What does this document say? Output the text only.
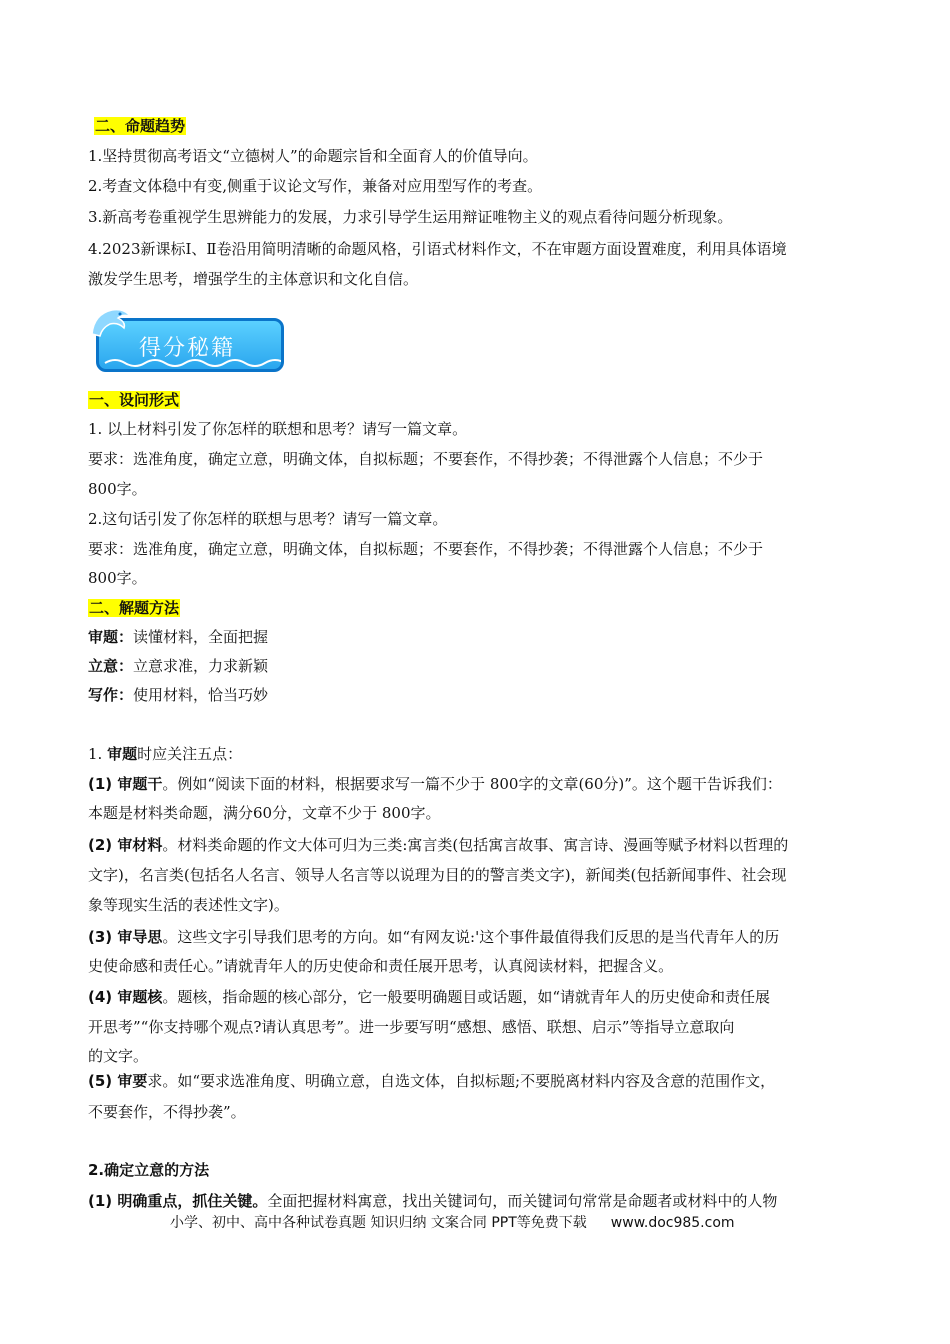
二、命题趋势
1.坚持贯彻高考语文“立德树人”的命题宗旨和全面育人的价值导向。
2.考查文体稳中有变,侧重于议论文写作，兼备对应用型写作的考查。
3.新高考卷重视学生思辨能力的发展，力求引导学生运用辩证唯物主义的观点看待问题分析现象。
4.2023新课标Ⅰ、Ⅱ卷沿用简明清晰的命题风格，引语式材料作文，不在审题方面设置难度，利用具体语境
激发学生思考，增强学生的主体意识和文化自信。
得分秘籍
一、设问形式
1. 以上材料引发了你怎样的联想和思考？请写一篇文章。
要求：选准角度，确定立意，明确文体，自拟标题；不要套作，不得抄袭；不得泄露个人信息；不少于
800字。
2.这句话引发了你怎样的联想与思考？请写一篇文章。
要求：选准角度，确定立意，明确文体，自拟标题；不要套作，不得抄袭；不得泄露个人信息；不少于
800字。
二、解题方法
审题：读懂材料，全面把握
立意：立意求准，力求新颖
写作：使用材料，恰当巧妙
1. 审题时应关注五点：
(1) 审题干。例如“阅读下面的材料，根据要求写一篇不少于 800字的文章(60分)”。这个题干告诉我们：
本题是材料类命题，满分60分，文章不少于 800字。
(2) 审材料。材料类命题的作文大体可归为三类:寓言类(包括寓言故事、寓言诗、漫画等赋予材料以哲理的
文字)，名言类(包括名人名言、领导人名言等以说理为目的的警言类文字)，新闻类(包括新闻事件、社会现
象等现实生活的表述性文字)。
(3) 审导思。这些文字引导我们思考的方向。如“有网友说:'这个事件最值得我们反思的是当代青年人的历
史使命感和责任心。”请就青年人的历史使命和责任展开思考，认真阅读材料，把握含义。
(4) 审题核。题核，指命题的核心部分，它一般要明确题目或话题，如“请就青年人的历史使命和责任展
开思考”“你支持哪个观点?请认真思考”。进一步要写明“感想、感悟、联想、启示”等指导立意取向
的文字。
(5) 审要求。如“要求选准角度、明确立意，自选文体，自拟标题;不要脱离材料内容及含意的范围作文，
不要套作，不得抄袭”。
2.确定立意的方法
(1) 明确重点，抓住关键。全面把握材料寓意，找出关键词句，而关键词句常常是命题者或材料中的人物
小学、初中、高中各种试卷真题 知识归纳 文案合同 PPT等免费下载 www.doc985.com
